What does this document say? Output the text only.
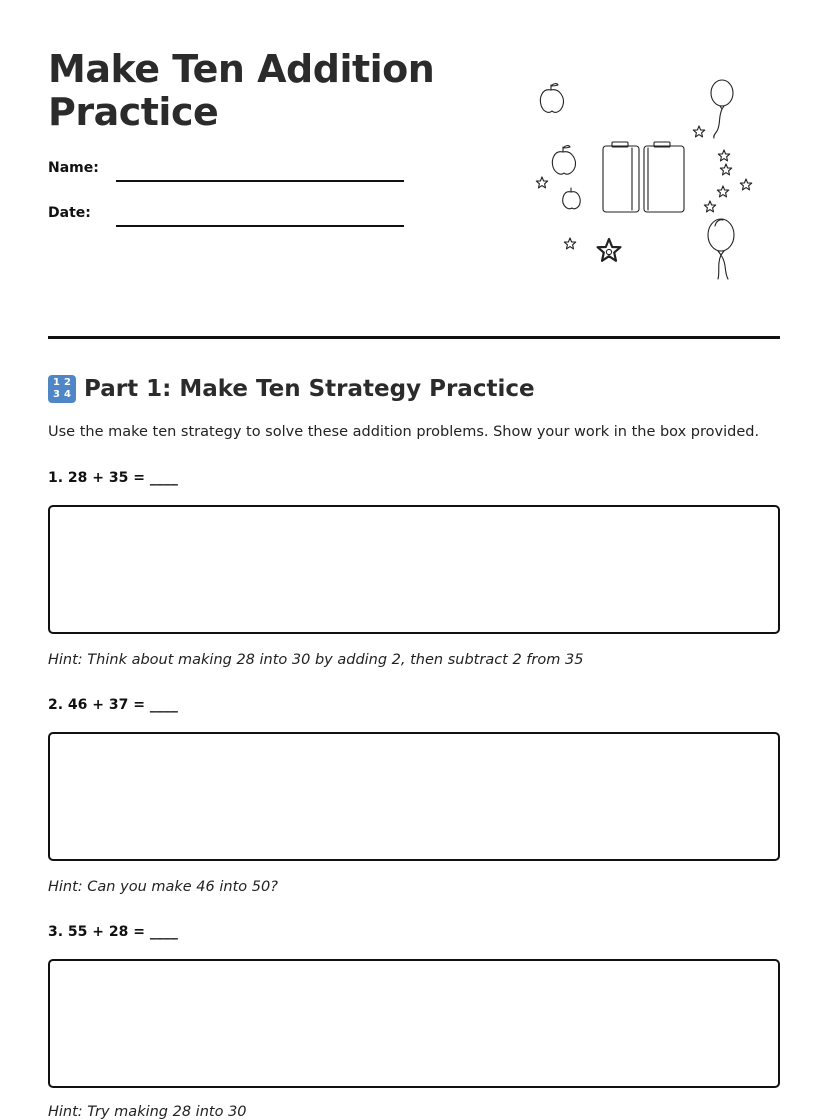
Make Ten Addition Practice
Name:
Date:
1 2
3 4 Part 1: Make Ten Strategy Practice
Use the make ten strategy to solve these addition problems. Show your work in the box provided.
1. 28 + 35 = ____
Hint: Think about making 28 into 30 by adding 2, then subtract 2 from 35
2. 46 + 37 = ____
Hint: Can you make 46 into 50?
3. 55 + 28 = ____
Hint: Try making 28 into 30
